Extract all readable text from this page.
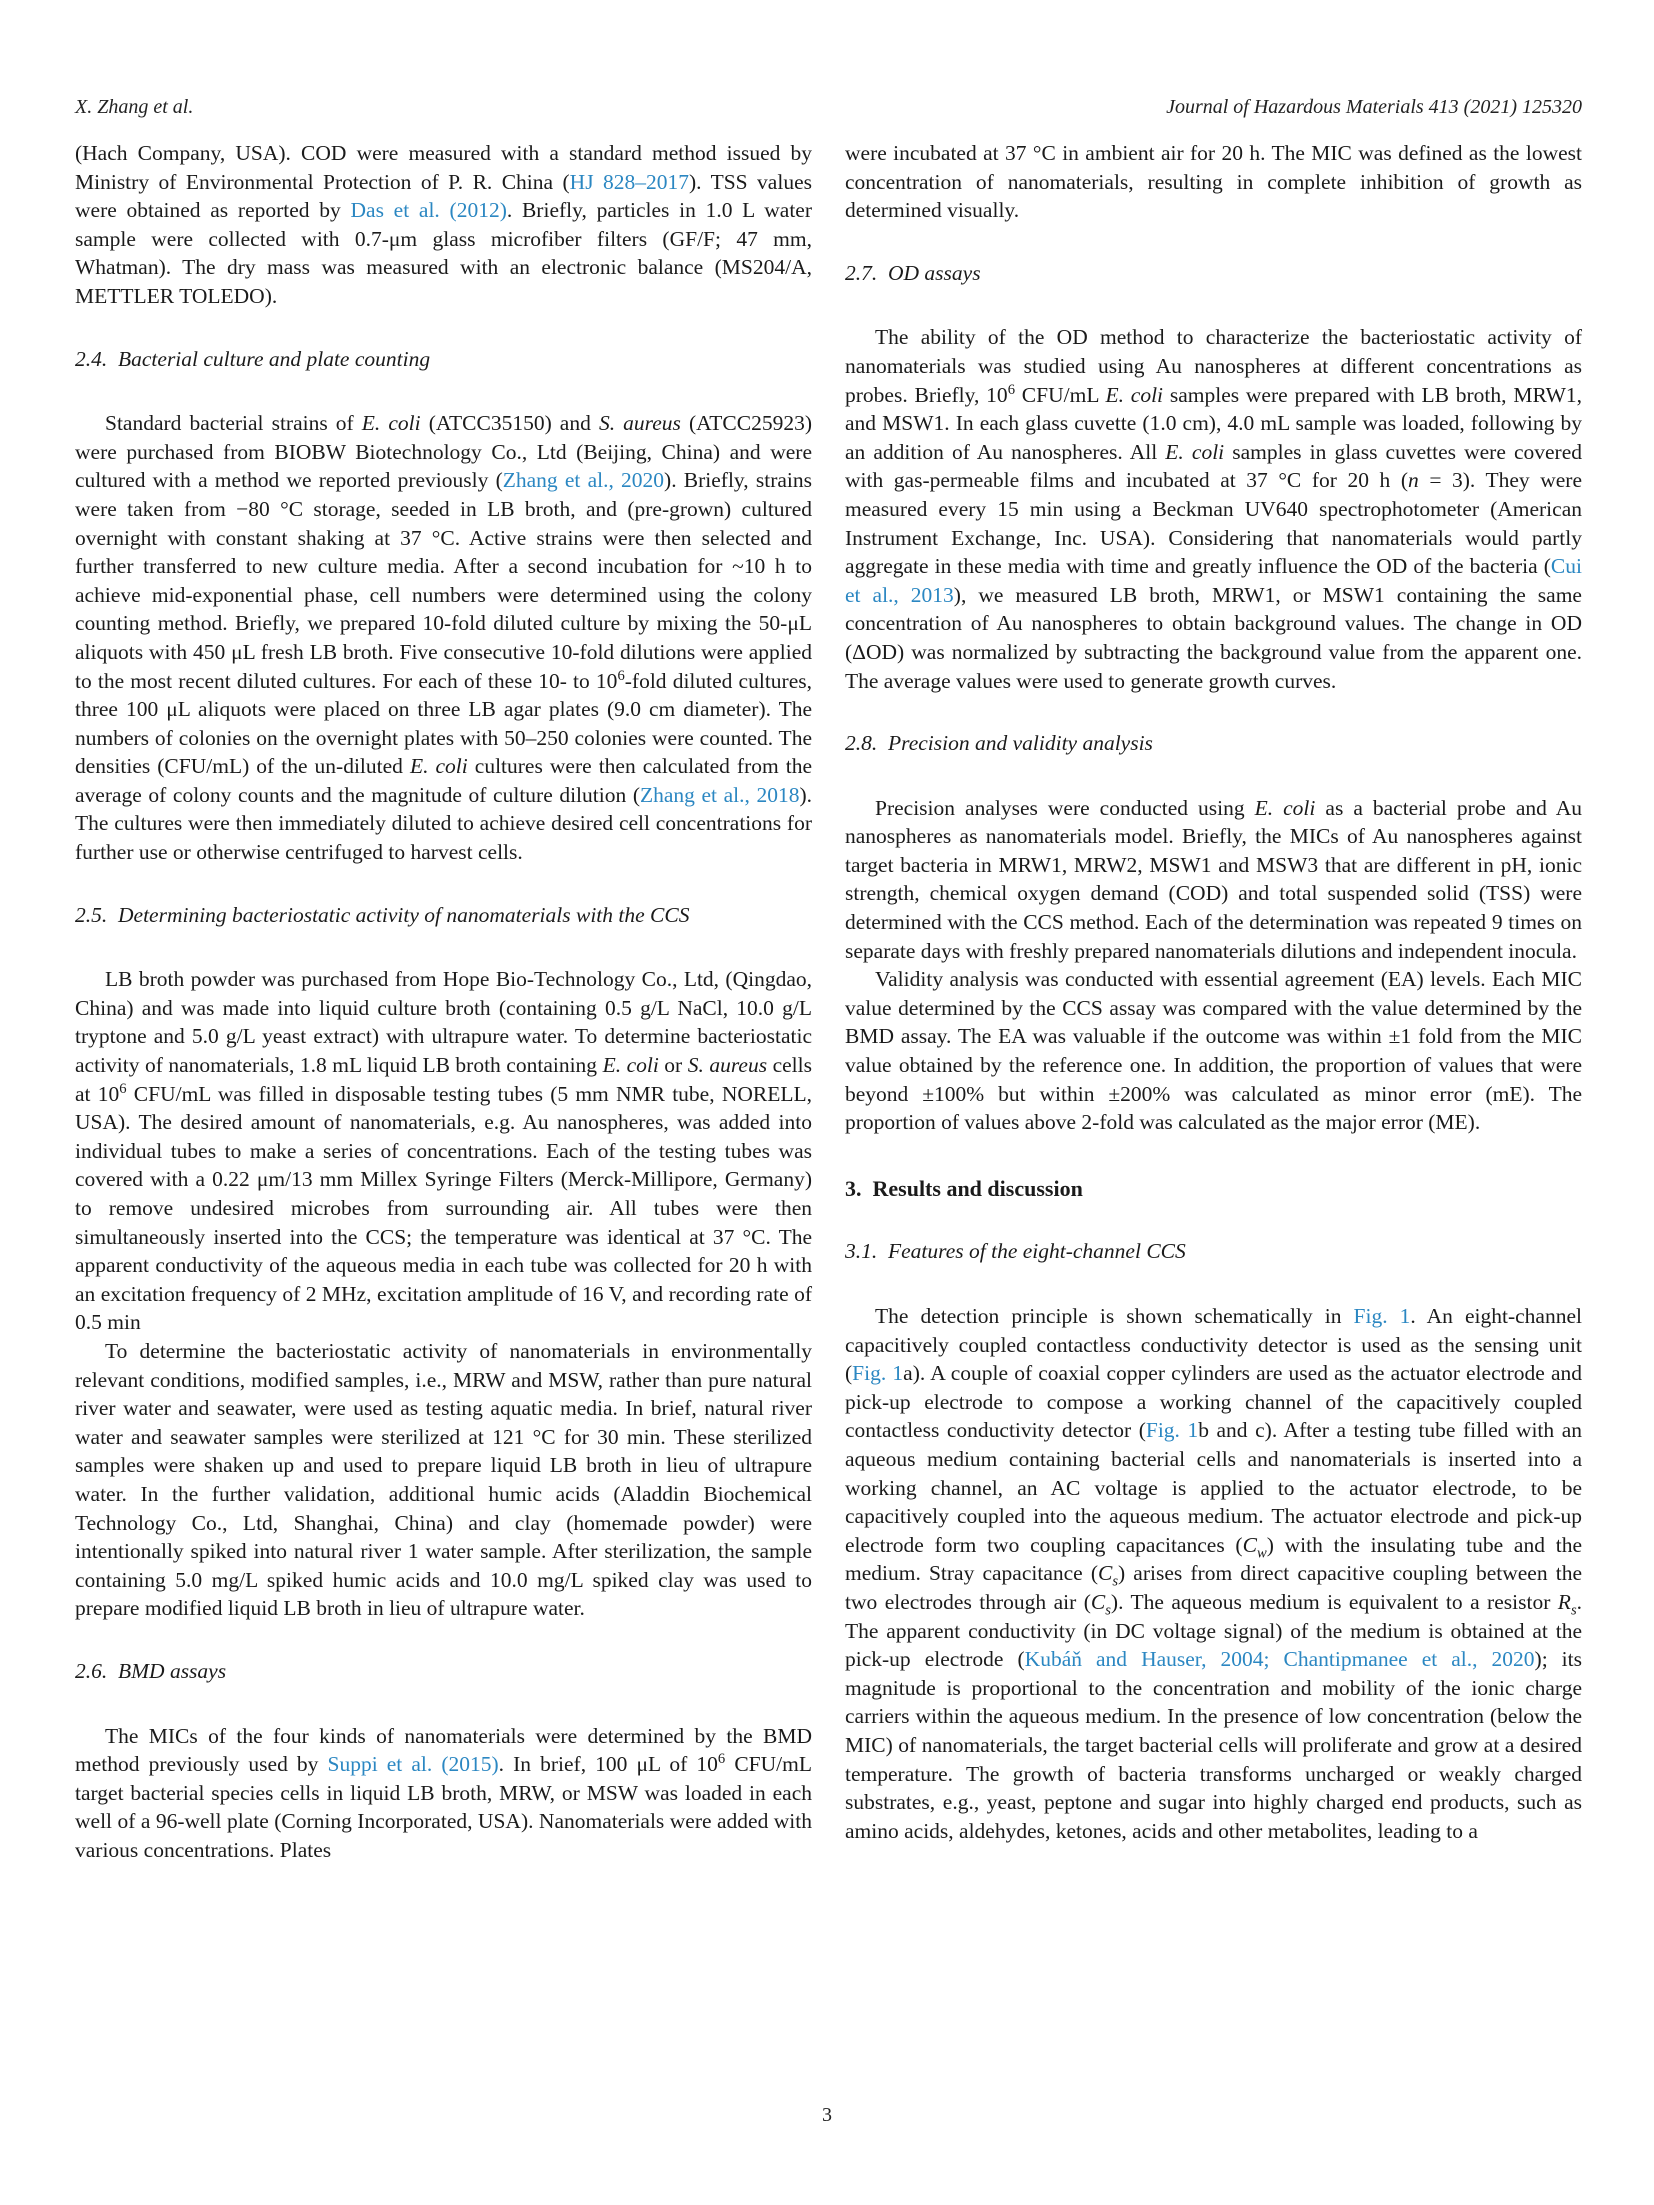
X. Zhang et al.	Journal of Hazardous Materials 413 (2021) 125320

(Hach Company, USA). COD were measured with a standard method issued by Ministry of Environmental Protection of P. R. China (HJ 828–2017). TSS values were obtained as reported by Das et al. (2012). Briefly, particles in 1.0 L water sample were collected with 0.7-μm glass microfiber filters (GF/F; 47 mm, Whatman). The dry mass was measured with an electronic balance (MS204/A, METTLER TOLEDO).

2.4. Bacterial culture and plate counting

Standard bacterial strains of E. coli (ATCC35150) and S. aureus (ATCC25923) were purchased from BIOBW Biotechnology Co., Ltd (Beijing, China) and were cultured with a method we reported previously (Zhang et al., 2020). Briefly, strains were taken from −80 °C storage, seeded in LB broth, and (pre-grown) cultured overnight with constant shaking at 37 °C. Active strains were then selected and further transferred to new culture media. After a second incubation for ~10 h to achieve mid-exponential phase, cell numbers were determined using the colony counting method. Briefly, we prepared 10-fold diluted culture by mixing the 50-μL aliquots with 450 μL fresh LB broth. Five consecutive 10-fold dilutions were applied to the most recent diluted cultures. For each of these 10- to $10^6$-fold diluted cultures, three 100 μL aliquots were placed on three LB agar plates (9.0 cm diameter). The numbers of colonies on the overnight plates with 50–250 colonies were counted. The densities (CFU/mL) of the un-diluted E. coli cultures were then calculated from the average of colony counts and the magnitude of culture dilution (Zhang et al., 2018). The cultures were then immediately diluted to achieve desired cell concentrations for further use or otherwise centrifuged to harvest cells.

2.5. Determining bacteriostatic activity of nanomaterials with the CCS

LB broth powder was purchased from Hope Bio-Technology Co., Ltd, (Qingdao, China) and was made into liquid culture broth (containing 0.5 g/L NaCl, 10.0 g/L tryptone and 5.0 g/L yeast extract) with ultrapure water. To determine bacteriostatic activity of nanomaterials, 1.8 mL liquid LB broth containing E. coli or S. aureus cells at $10^6$ CFU/mL was filled in disposable testing tubes (5 mm NMR tube, NORELL, USA). The desired amount of nanomaterials, e.g. Au nanospheres, was added into individual tubes to make a series of concentrations. Each of the testing tubes was covered with a 0.22 μm/13 mm Millex Syringe Filters (Merck-Millipore, Germany) to remove undesired microbes from surrounding air. All tubes were then simultaneously inserted into the CCS; the temperature was identical at 37 °C. The apparent conductivity of the aqueous media in each tube was collected for 20 h with an excitation frequency of 2 MHz, excitation amplitude of 16 V, and recording rate of 0.5 min

To determine the bacteriostatic activity of nanomaterials in environmentally relevant conditions, modified samples, i.e., MRW and MSW, rather than pure natural river water and seawater, were used as testing aquatic media. In brief, natural river water and seawater samples were sterilized at 121 °C for 30 min. These sterilized samples were shaken up and used to prepare liquid LB broth in lieu of ultrapure water. In the further validation, additional humic acids (Aladdin Biochemical Technology Co., Ltd, Shanghai, China) and clay (homemade powder) were intentionally spiked into natural river 1 water sample. After sterilization, the sample containing 5.0 mg/L spiked humic acids and 10.0 mg/L spiked clay was used to prepare modified liquid LB broth in lieu of ultrapure water.

2.6. BMD assays

The MICs of the four kinds of nanomaterials were determined by the BMD method previously used by Suppi et al. (2015). In brief, 100 μL of $10^6$ CFU/mL target bacterial species cells in liquid LB broth, MRW, or MSW was loaded in each well of a 96-well plate (Corning Incorporated, USA). Nanomaterials were added with various concentrations. Plates

were incubated at 37 °C in ambient air for 20 h. The MIC was defined as the lowest concentration of nanomaterials, resulting in complete inhibition of growth as determined visually.

2.7. OD assays

The ability of the OD method to characterize the bacteriostatic activity of nanomaterials was studied using Au nanospheres at different concentrations as probes. Briefly, $10^6$ CFU/mL E. coli samples were prepared with LB broth, MRW1, and MSW1. In each glass cuvette (1.0 cm), 4.0 mL sample was loaded, following by an addition of Au nanospheres. All E. coli samples in glass cuvettes were covered with gas-permeable films and incubated at 37 °C for 20 h (n = 3). They were measured every 15 min using a Beckman UV640 spectrophotometer (American Instrument Exchange, Inc. USA). Considering that nanomaterials would partly aggregate in these media with time and greatly influence the OD of the bacteria (Cui et al., 2013), we measured LB broth, MRW1, or MSW1 containing the same concentration of Au nanospheres to obtain background values. The change in OD (ΔOD) was normalized by subtracting the background value from the apparent one. The average values were used to generate growth curves.

2.8. Precision and validity analysis

Precision analyses were conducted using E. coli as a bacterial probe and Au nanospheres as nanomaterials model. Briefly, the MICs of Au nanospheres against target bacteria in MRW1, MRW2, MSW1 and MSW3 that are different in pH, ionic strength, chemical oxygen demand (COD) and total suspended solid (TSS) were determined with the CCS method. Each of the determination was repeated 9 times on separate days with freshly prepared nanomaterials dilutions and independent inocula.

Validity analysis was conducted with essential agreement (EA) levels. Each MIC value determined by the CCS assay was compared with the value determined by the BMD assay. The EA was valuable if the outcome was within ±1 fold from the MIC value obtained by the reference one. In addition, the proportion of values that were beyond ±100% but within ±200% was calculated as minor error (mE). The proportion of values above 2-fold was calculated as the major error (ME).

3. Results and discussion
3.1. Features of the eight-channel CCS

The detection principle is shown schematically in Fig. 1. An eight-channel capacitively coupled contactless conductivity detector is used as the sensing unit (Fig. 1a). A couple of coaxial copper cylinders are used as the actuator electrode and pick-up electrode to compose a working channel of the capacitively coupled contactless conductivity detector (Fig. 1b and c). After a testing tube filled with an aqueous medium containing bacterial cells and nanomaterials is inserted into a working channel, an AC voltage is applied to the actuator electrode, to be capacitively coupled into the aqueous medium. The actuator electrode and pick-up electrode form two coupling capacitances $(C_w)$ with the insulating tube and the medium. Stray capacitance $(C_s)$ arises from direct capacitive coupling between the two electrodes through air $(C_s)$. The aqueous medium is equivalent to a resistor $R_s$. The apparent conductivity (in DC voltage signal) of the medium is obtained at the pick-up electrode (Kubáň and Hauser, 2004; Chantipmanee et al., 2020); its magnitude is proportional to the concentration and mobility of the ionic charge carriers within the aqueous medium. In the presence of low concentration (below the MIC) of nanomaterials, the target bacterial cells will proliferate and grow at a desired temperature. The growth of bacteria transforms uncharged or weakly charged substrates, e.g., yeast, peptone and sugar into highly charged end products, such as amino acids, aldehydes, ketones, acids and other metabolites, leading to a

3
